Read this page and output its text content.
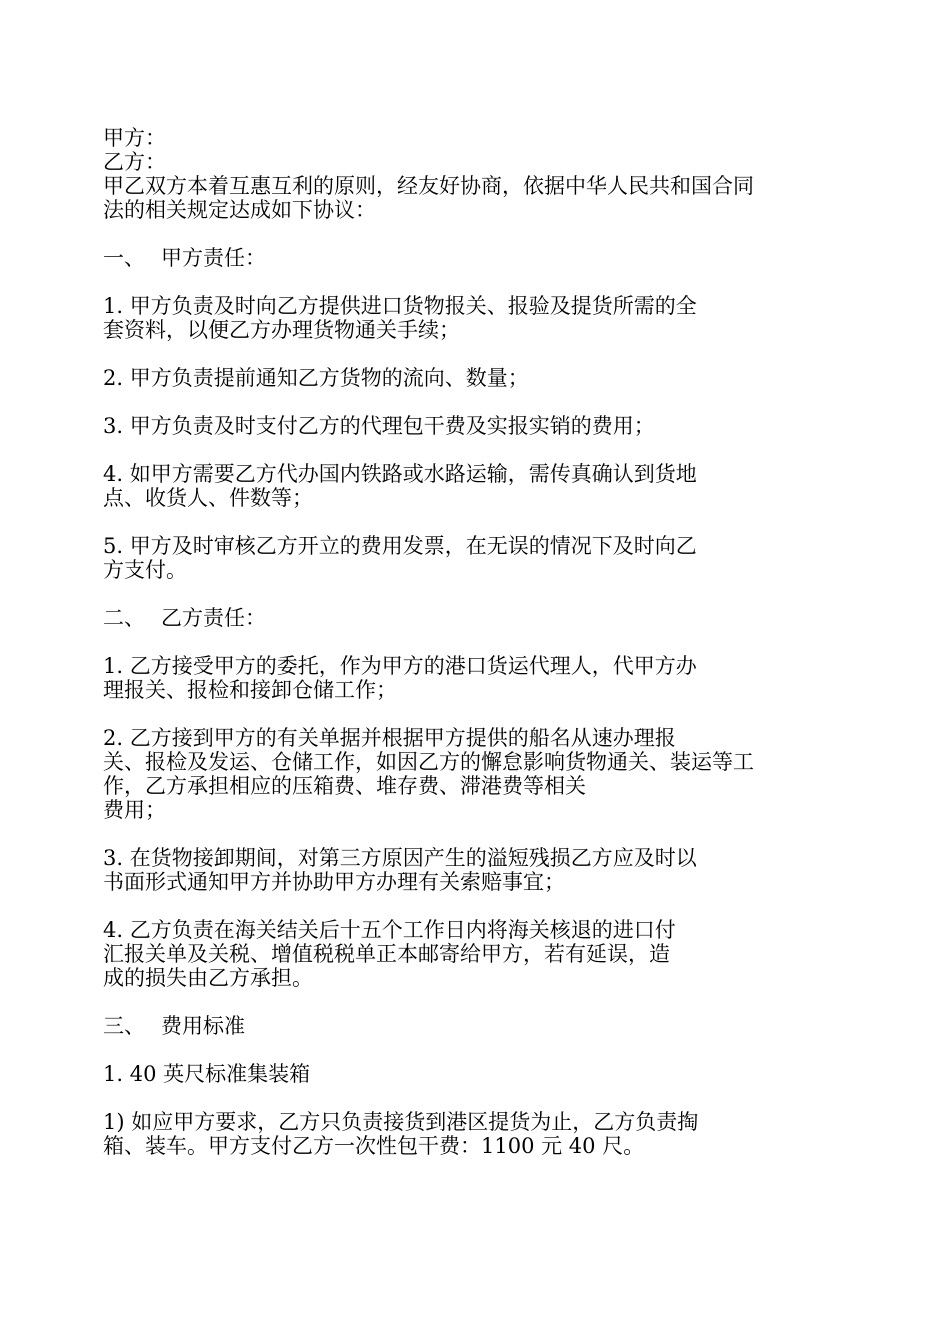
甲方：
乙方：
甲乙双方本着互惠互利的原则，经友好协商，依据中华人民共和国合同
法的相关规定达成如下协议：
一、 甲方责任：
1. 甲方负责及时向乙方提供进口货物报关、报验及提货所需的全
套资料，以便乙方办理货物通关手续；
2. 甲方负责提前通知乙方货物的流向、数量；
3. 甲方负责及时支付乙方的代理包干费及实报实销的费用；
4. 如甲方需要乙方代办国内铁路或水路运输，需传真确认到货地
点、收货人、件数等；
5. 甲方及时审核乙方开立的费用发票，在无误的情况下及时向乙
方支付。
二、 乙方责任：
1. 乙方接受甲方的委托，作为甲方的港口货运代理人，代甲方办
理报关、报检和接卸仓储工作；
2. 乙方接到甲方的有关单据并根据甲方提供的船名从速办理报
关、报检及发运、仓储工作，如因乙方的懈怠影响货物通关、装运等工
作，乙方承担相应的压箱费、堆存费、滞港费等相关
费用；
3. 在货物接卸期间，对第三方原因产生的溢短残损乙方应及时以
书面形式通知甲方并协助甲方办理有关索赔事宜；
4. 乙方负责在海关结关后十五个工作日内将海关核退的进口付
汇报关单及关税、增值税税单正本邮寄给甲方，若有延误，造
成的损失由乙方承担。
三、 费用标准
1. 40 英尺标准集装箱
1) 如应甲方要求，乙方只负责接货到港区提货为止，乙方负责掏
箱、装车。甲方支付乙方一次性包干费：1100 元 40 尺。
